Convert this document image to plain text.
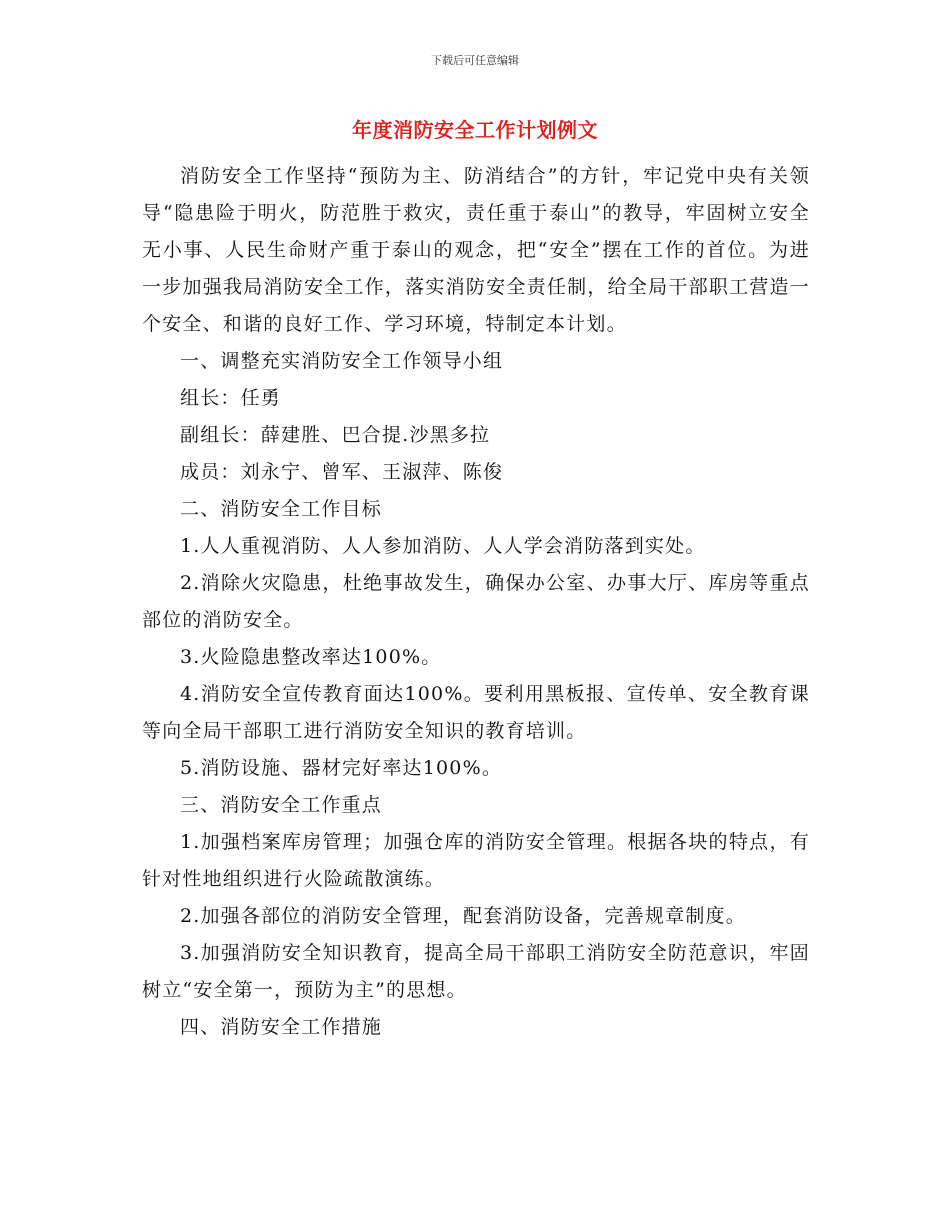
下载后可任意编辑
年度消防安全工作计划例文

消防安全工作坚持“预防为主、防消结合”的方针，牢记党中央有关领导“隐患险于明火，防范胜于救灾，责任重于泰山”的教导，牢固树立安全无小事、人民生命财产重于泰山的观念，把“安全”摆在工作的首位。为进一步加强我局消防安全工作，落实消防安全责任制，给全局干部职工营造一个安全、和谐的良好工作、学习环境，特制定本计划。

一、调整充实消防安全工作领导小组

组长：任勇

副组长：薛建胜、巴合提.沙黑多拉

成员：刘永宁、曾军、王淑萍、陈俊

二、消防安全工作目标

1.人人重视消防、人人参加消防、人人学会消防落到实处。

2.消除火灾隐患，杜绝事故发生，确保办公室、办事大厅、库房等重点部位的消防安全。

3.火险隐患整改率达100%。

4.消防安全宣传教育面达100%。要利用黑板报、宣传单、安全教育课等向全局干部职工进行消防安全知识的教育培训。

5.消防设施、器材完好率达100%。

三、消防安全工作重点

1.加强档案库房管理；加强仓库的消防安全管理。根据各块的特点，有针对性地组织进行火险疏散演练。

2.加强各部位的消防安全管理，配套消防设备，完善规章制度。

3.加强消防安全知识教育，提高全局干部职工消防安全防范意识，牢固树立“安全第一，预防为主”的思想。

四、消防安全工作措施
